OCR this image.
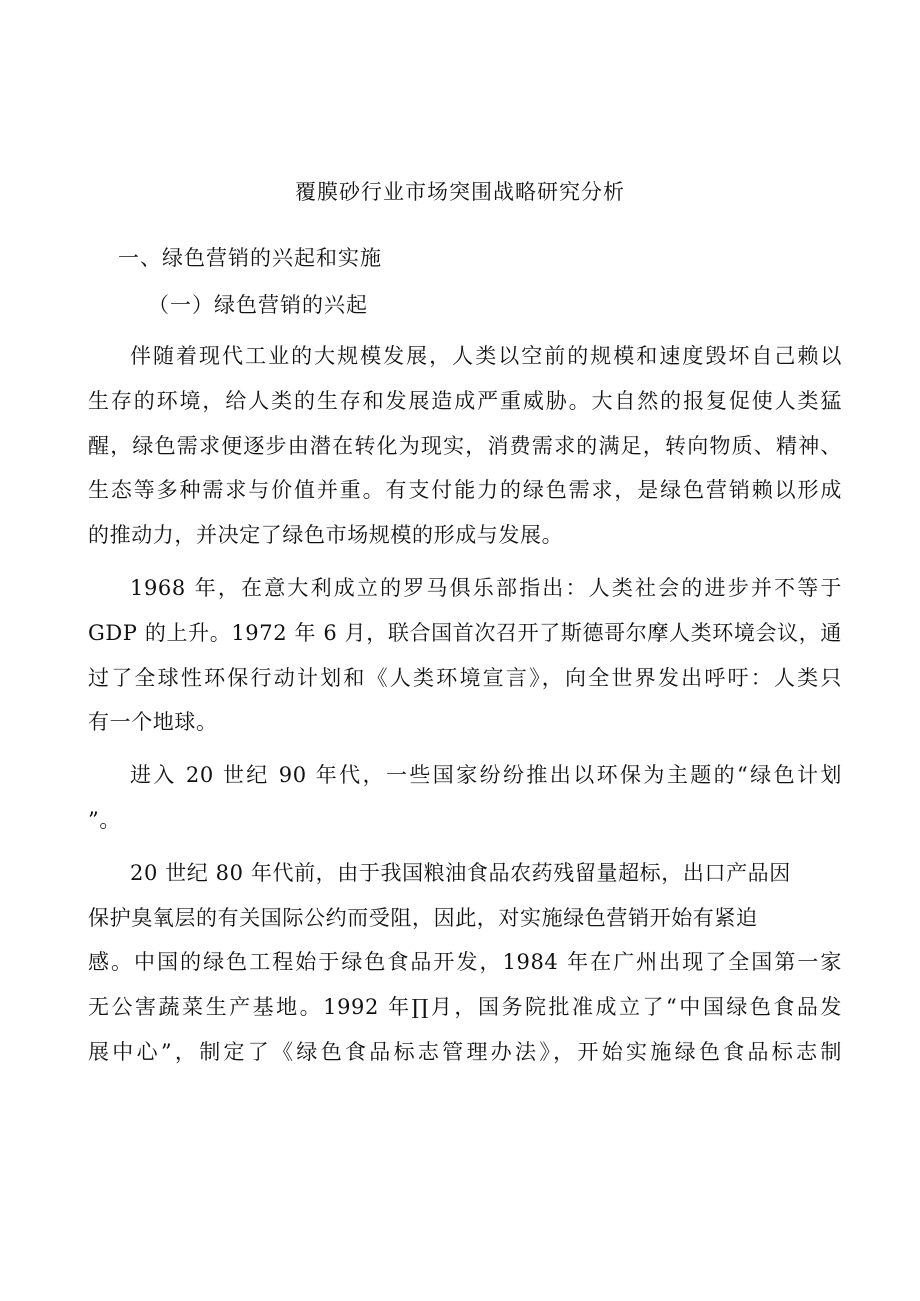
覆膜砂行业市场突围战略研究分析
一、绿色营销的兴起和实施
（一）绿色营销的兴起
伴随着现代工业的大规模发展，人类以空前的规模和速度毁坏自己赖以
生存的环境，给人类的生存和发展造成严重威胁。大自然的报复促使人类猛
醒，绿色需求便逐步由潜在转化为现实，消费需求的满足，转向物质、精神、
生态等多种需求与价值并重。有支付能力的绿色需求，是绿色营销赖以形成
的推动力，并决定了绿色市场规模的形成与发展。
1968 年，在意大利成立的罗马俱乐部指出：人类社会的进步并不等于
GDP 的上升。1972 年 6 月，联合国首次召开了斯德哥尔摩人类环境会议，通
过了全球性环保行动计划和《人类环境宣言》，向全世界发出呼吁：人类只
有一个地球。
进入 20 世纪 90 年代，一些国家纷纷推出以环保为主题的“绿色计划
”。
20 世纪 80 年代前，由于我国粮油食品农药残留量超标，出口产品因
保护臭氧层的有关国际公约而受阻，因此，对实施绿色营销开始有紧迫
感。中国的绿色工程始于绿色食品开发，1984 年在广州出现了全国第一家
无公害蔬菜生产基地。1992 年∏月，国务院批准成立了“中国绿色食品发
展中心”，制定了《绿色食品标志管理办法》，开始实施绿色食品标志制
